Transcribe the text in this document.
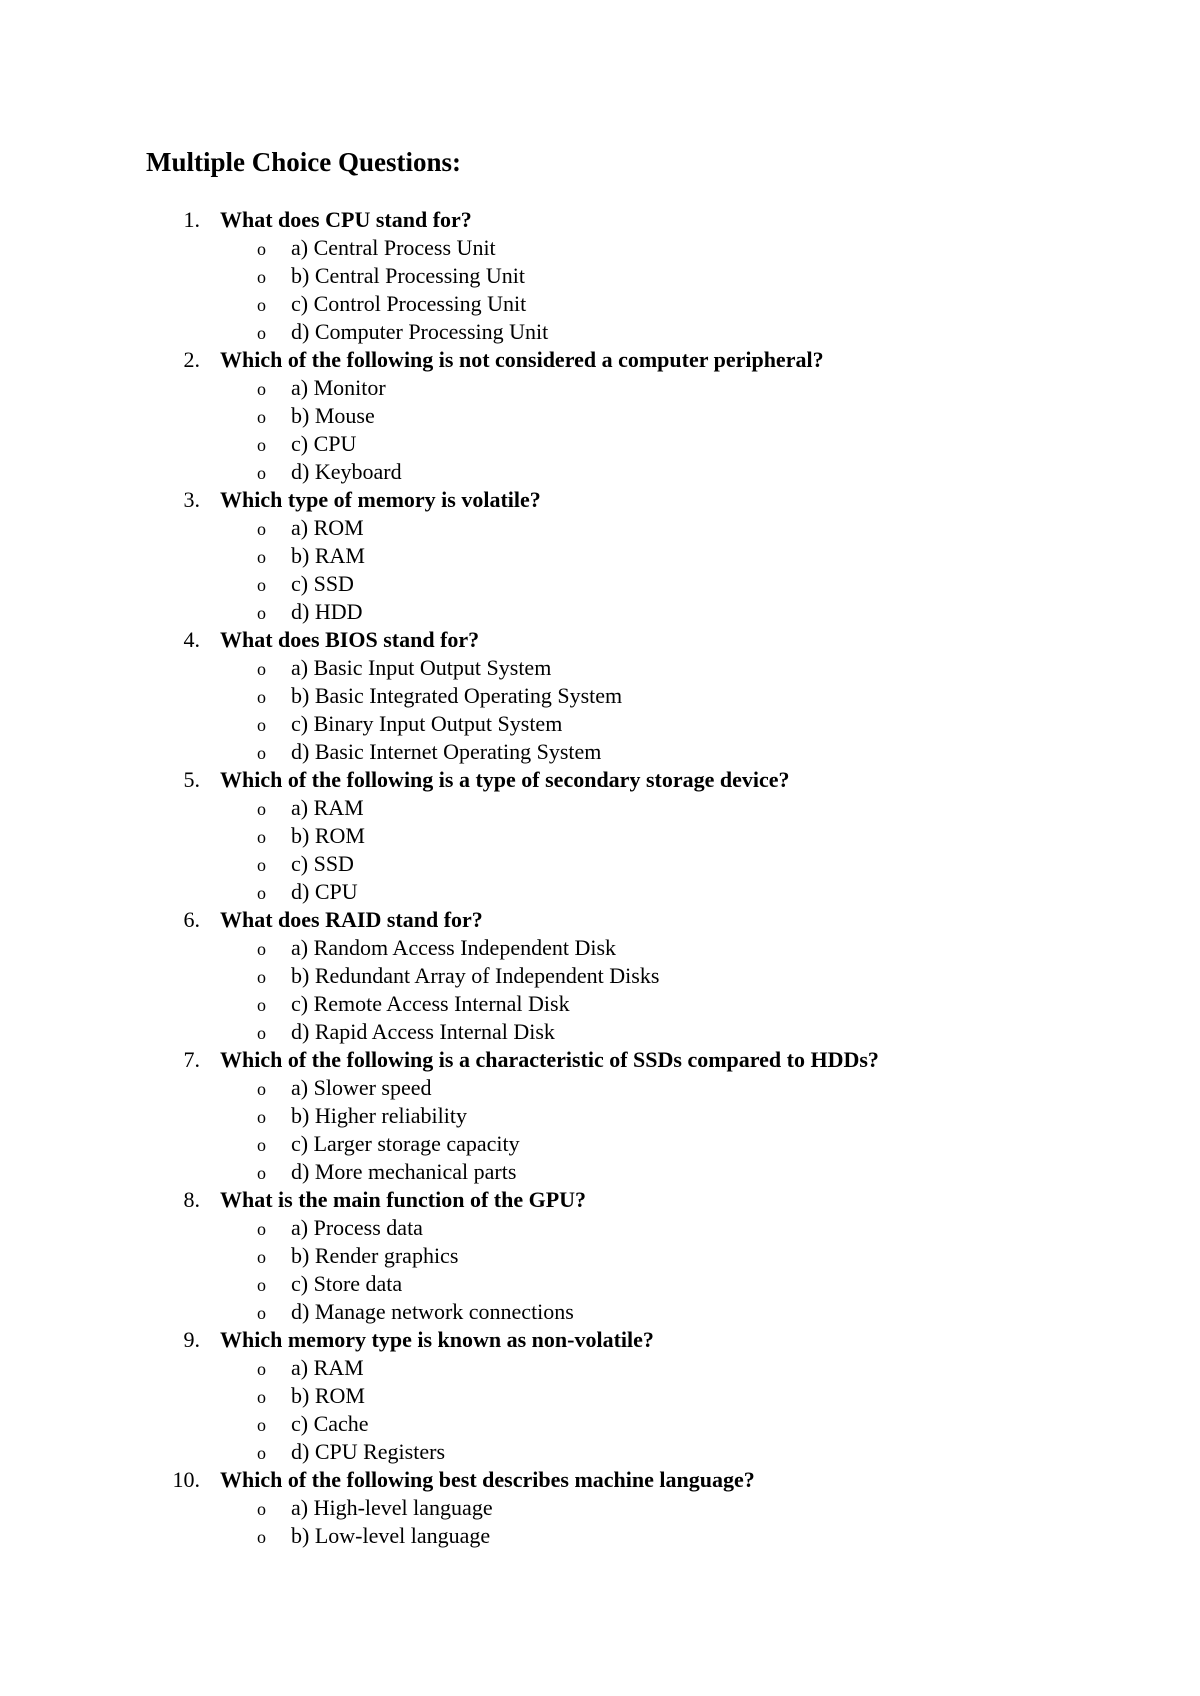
Multiple Choice Questions:
1. What does CPU stand for?
o a) Central Process Unit
o b) Central Processing Unit
o c) Control Processing Unit
o d) Computer Processing Unit
2. Which of the following is not considered a computer peripheral?
o a) Monitor
o b) Mouse
o c) CPU
o d) Keyboard
3. Which type of memory is volatile?
o a) ROM
o b) RAM
o c) SSD
o d) HDD
4. What does BIOS stand for?
o a) Basic Input Output System
o b) Basic Integrated Operating System
o c) Binary Input Output System
o d) Basic Internet Operating System
5. Which of the following is a type of secondary storage device?
o a) RAM
o b) ROM
o c) SSD
o d) CPU
6. What does RAID stand for?
o a) Random Access Independent Disk
o b) Redundant Array of Independent Disks
o c) Remote Access Internal Disk
o d) Rapid Access Internal Disk
7. Which of the following is a characteristic of SSDs compared to HDDs?
o a) Slower speed
o b) Higher reliability
o c) Larger storage capacity
o d) More mechanical parts
8. What is the main function of the GPU?
o a) Process data
o b) Render graphics
o c) Store data
o d) Manage network connections
9. Which memory type is known as non-volatile?
o a) RAM
o b) ROM
o c) Cache
o d) CPU Registers
10. Which of the following best describes machine language?
o a) High-level language
o b) Low-level language
